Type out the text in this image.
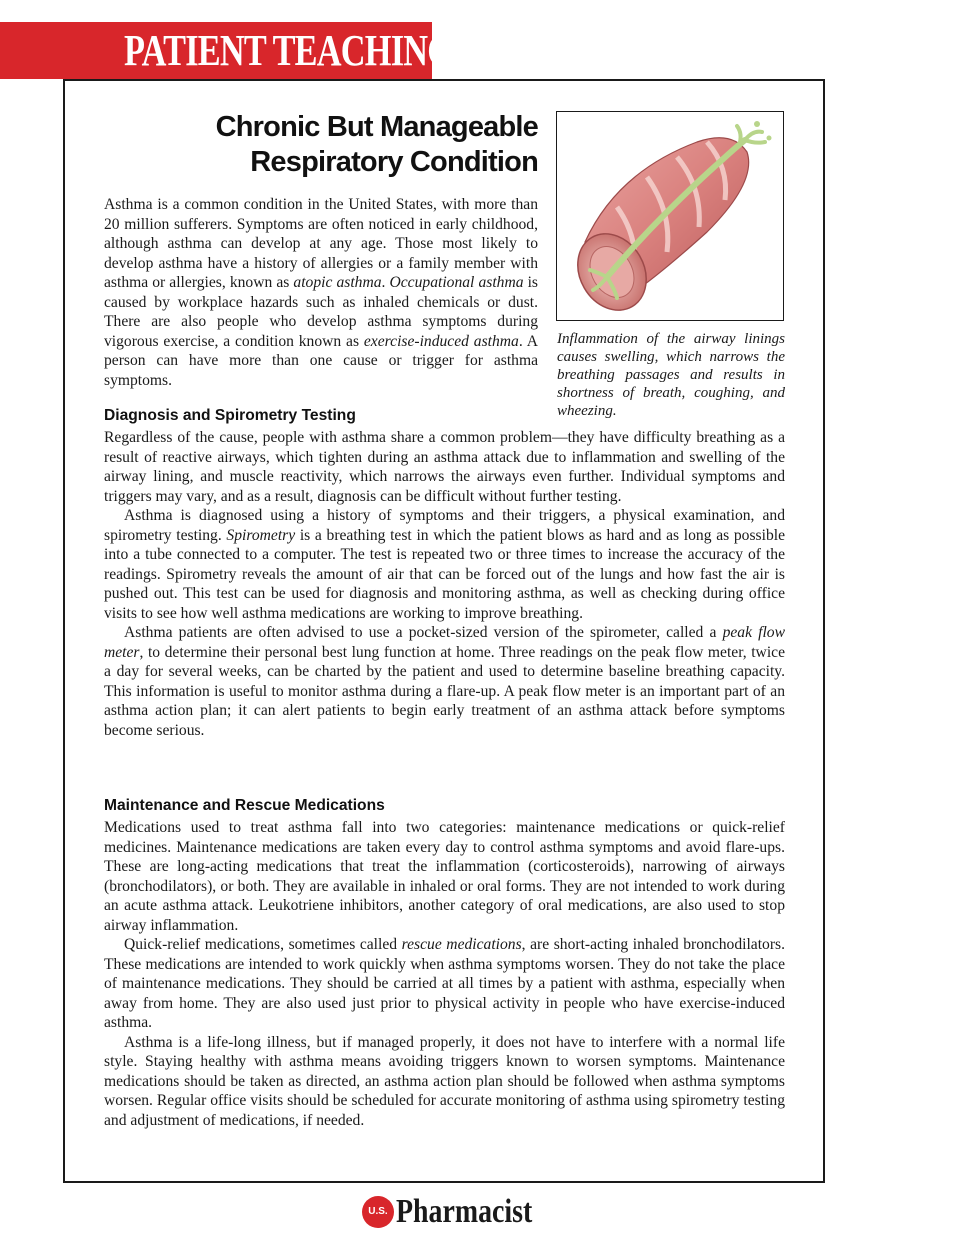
PATIENT TEACHING AID
Chronic But Manageable
Respiratory Condition

Asthma is a common condition in the United States, with more than 20 million sufferers. Symptoms are often noticed in early childhood, although asthma can develop at any age. Those most likely to develop asthma have a history of allergies or a family member with asthma or allergies, known as atopic asthma. Occupational asthma is caused by workplace hazards such as inhaled chemicals or dust. There are also people who develop asthma symptoms during vigorous exercise, a condition known as exercise-induced asthma. A person can have more than one cause or trigger for asthma symptoms.

Inflammation of the airway linings causes swelling, which narrows the breathing passages and results in shortness of breath, coughing, and wheezing.

Diagnosis and Spirometry Testing

Regardless of the cause, people with asthma share a common problem—they have difficulty breathing as a result of reactive airways, which tighten during an asthma attack due to inflammation and swelling of the airway lining, and muscle reactivity, which narrows the airways even further. Individual symptoms and triggers may vary, and as a result, diagnosis can be difficult without further testing.

Asthma is diagnosed using a history of symptoms and their triggers, a physical examination, and spirometry testing. Spirometry is a breathing test in which the patient blows as hard and as long as possible into a tube connected to a computer. The test is repeated two or three times to increase the accuracy of the readings. Spirometry reveals the amount of air that can be forced out of the lungs and how fast the air is pushed out. This test can be used for diagnosis and monitoring asthma, as well as checking during office visits to see how well asthma medications are working to improve breathing.

Asthma patients are often advised to use a pocket-sized version of the spirometer, called a peak flow meter, to determine their personal best lung function at home. Three readings on the peak flow meter, twice a day for several weeks, can be charted by the patient and used to determine baseline breathing capacity. This information is useful to monitor asthma during a flare-up. A peak flow meter is an important part of an asthma action plan; it can alert patients to begin early treatment of an asthma attack before symptoms become serious.

Maintenance and Rescue Medications

Medications used to treat asthma fall into two categories: maintenance medications or quick-relief medicines. Maintenance medications are taken every day to control asthma symptoms and avoid flare-ups. These are long-acting medications that treat the inflammation (corticosteroids), narrowing of airways (bronchodilators), or both. They are available in inhaled or oral forms. They are not intended to work during an acute asthma attack. Leukotriene inhibitors, another category of oral medications, are also used to stop airway inflammation.

Quick-relief medications, sometimes called rescue medications, are short-acting inhaled bronchodilators. These medications are intended to work quickly when asthma symptoms worsen. They do not take the place of maintenance medications. They should be carried at all times by a patient with asthma, especially when away from home. They are also used just prior to physical activity in people who have exercise-induced asthma.

Asthma is a life-long illness, but if managed properly, it does not have to interfere with a normal life style. Staying healthy with asthma means avoiding triggers known to worsen symptoms. Maintenance medications should be taken as directed, an asthma action plan should be followed when asthma symptoms worsen. Regular office visits should be scheduled for accurate monitoring of asthma using spirometry testing and adjustment of medications, if needed.

U.S. Pharmacist
